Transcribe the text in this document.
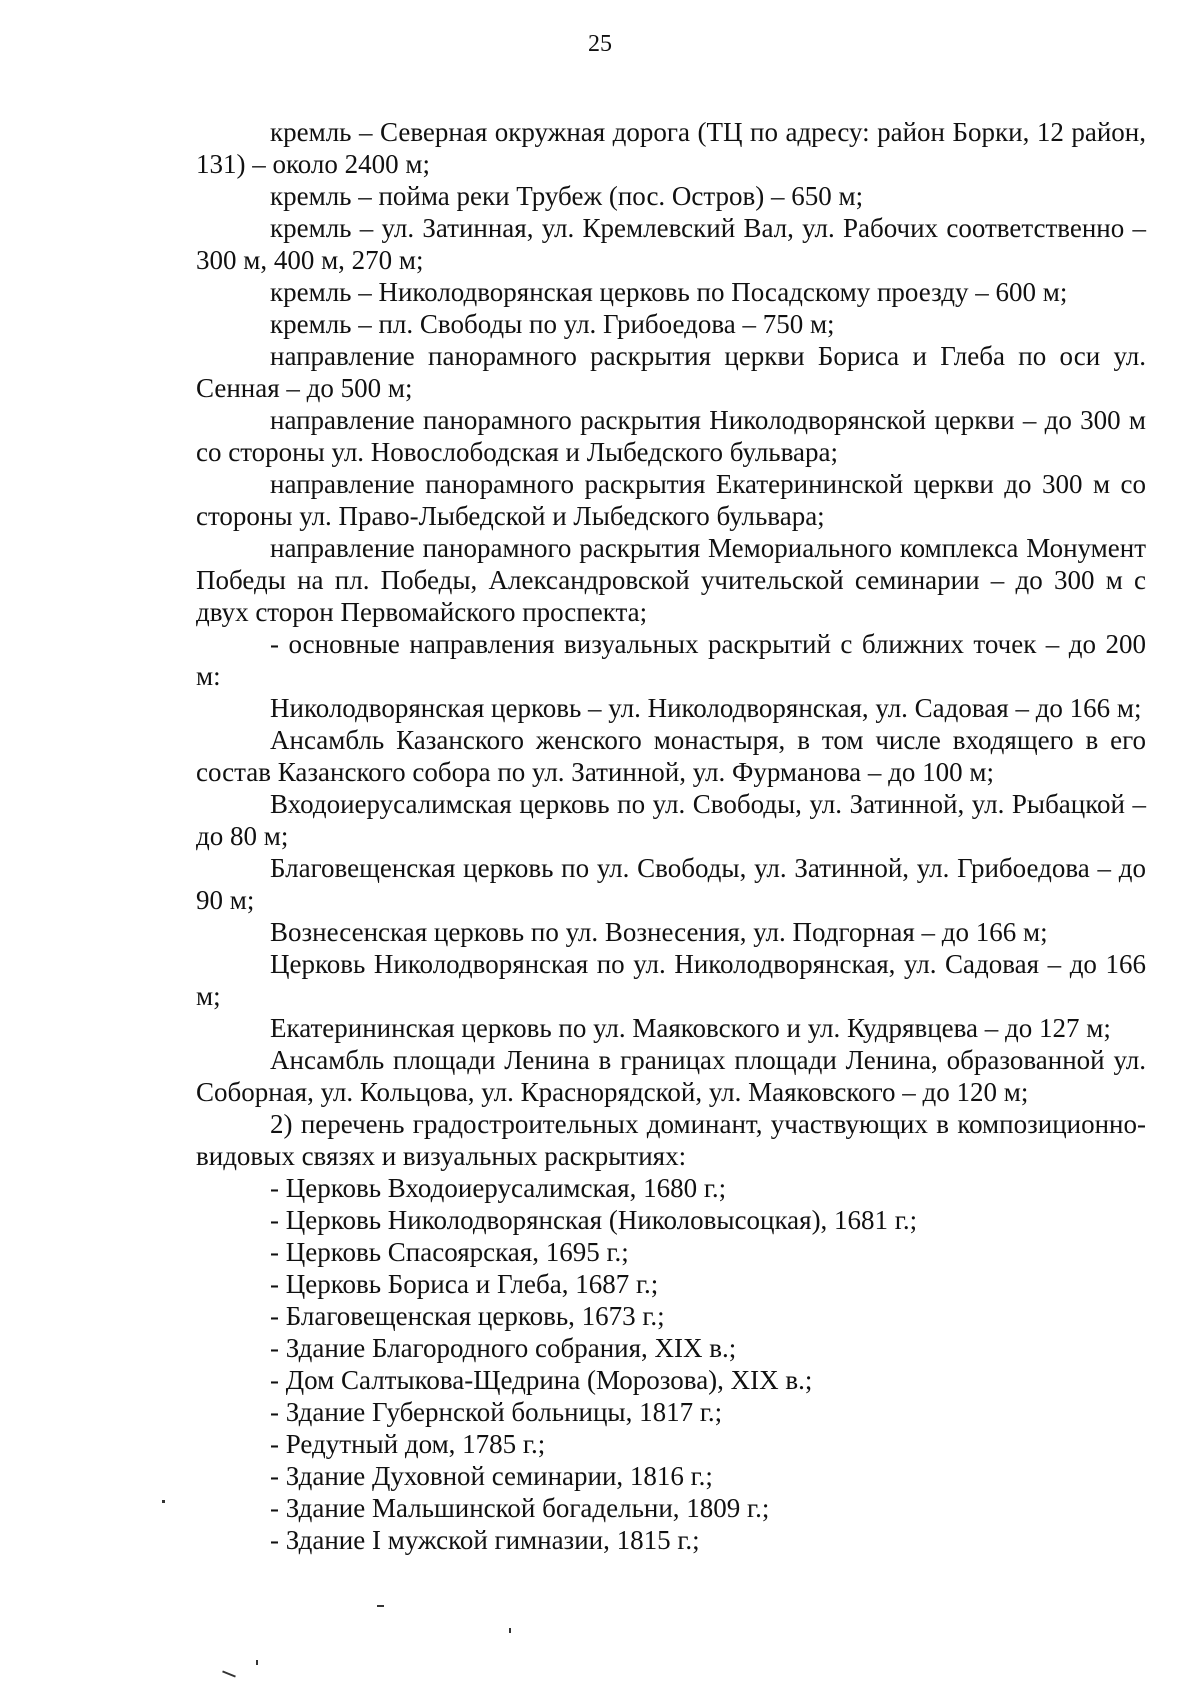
25

кремль – Северная окружная дорога (ТЦ по адресу: район Борки, 12 район, 131) – около 2400 м;

кремль – пойма реки Трубеж (пос. Остров) – 650 м;

кремль – ул. Затинная, ул. Кремлевский Вал, ул. Рабочих соответственно – 300 м, 400 м, 270 м;

кремль – Николодворянская церковь по Посадскому проезду – 600 м;

кремль – пл. Свободы по ул. Грибоедова – 750 м;

направление панорамного раскрытия церкви Бориса и Глеба по оси ул. Сенная – до 500 м;

направление панорамного раскрытия Николодворянской церкви – до 300 м со стороны ул. Новослободская и Лыбедского бульвара;

направление панорамного раскрытия Екатерининской церкви до 300 м со стороны ул. Право-Лыбедской и Лыбедского бульвара;

направление панорамного раскрытия Мемориального комплекса Монумент Победы на пл. Победы, Александровской учительской семинарии – до 300 м с двух сторон Первомайского проспекта;

- основные направления визуальных раскрытий с ближних точек – до 200 м:

Николодворянская церковь – ул. Николодворянская, ул. Садовая – до 166 м;

Ансамбль Казанского женского монастыря, в том числе входящего в его состав Казанского собора по ул. Затинной, ул. Фурманова – до 100 м;

Входоиерусалимская церковь по ул. Свободы, ул. Затинной, ул. Рыбацкой – до 80 м;

Благовещенская церковь по ул. Свободы, ул. Затинной, ул. Грибоедова – до 90 м;

Вознесенская церковь по ул. Вознесения, ул. Подгорная – до 166 м;

Церковь Николодворянская по ул. Николодворянская, ул. Садовая – до 166 м;

Екатерининская церковь по ул. Маяковского и ул. Кудрявцева – до 127 м;

Ансамбль площади Ленина в границах площади Ленина, образованной ул. Соборная, ул. Кольцова, ул. Краснорядской, ул. Маяковского – до 120 м;

2) перечень градостроительных доминант, участвующих в композиционно-видовых связях и визуальных раскрытиях:

- Церковь Входоиерусалимская, 1680 г.;
- Церковь Николодворянская (Николовысоцкая), 1681 г.;
- Церковь Спасоярская, 1695 г.;
- Церковь Бориса и Глеба, 1687 г.;
- Благовещенская церковь, 1673 г.;
- Здание Благородного собрания, XIX в.;
- Дом Салтыкова-Щедрина (Морозова), XIX в.;
- Здание Губернской больницы, 1817 г.;
- Редутный дом, 1785 г.;
- Здание Духовной семинарии, 1816 г.;
- Здание Мальшинской богадельни, 1809 г.;
- Здание I мужской гимназии, 1815 г.;
